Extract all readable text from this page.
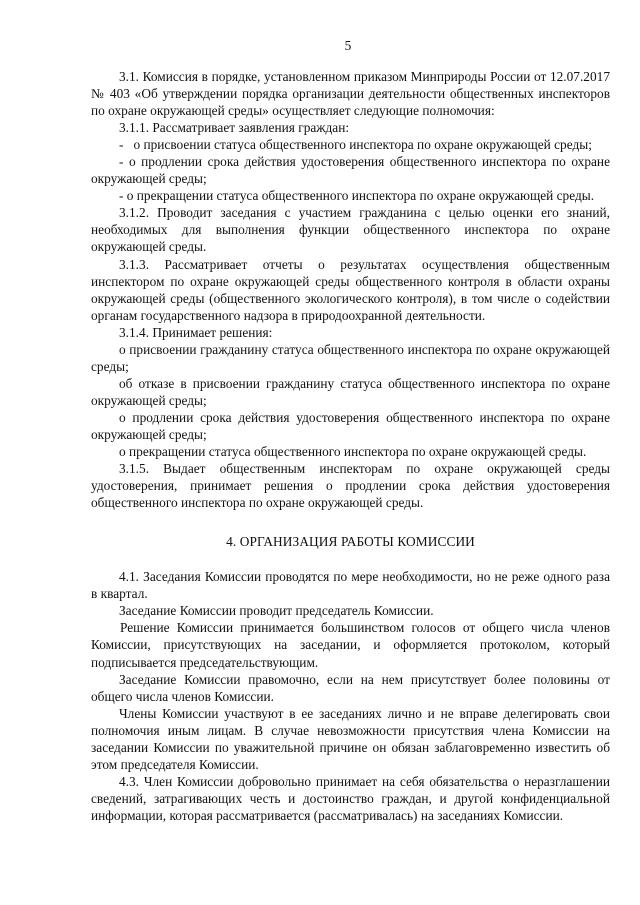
5

3.1. Комиссия в порядке, установленном приказом Минприроды России от 12.07.2017 № 403 «Об утверждении порядка организации деятельности общественных инспекторов по охране окружающей среды» осуществляет следующие полномочия:

3.1.1. Рассматривает заявления граждан:

-   о присвоении статуса общественного инспектора по охране окружающей среды;

- о продлении срока действия удостоверения общественного инспектора по охране окружающей среды;

- о прекращении статуса общественного инспектора по охране окружающей среды.

3.1.2. Проводит заседания с участием гражданина с целью оценки его знаний, необходимых для выполнения функции общественного инспектора по охране окружающей среды.

3.1.3. Рассматривает отчеты о результатах осуществления общественным инспектором по охране окружающей среды общественного контроля в области охраны окружающей среды (общественного экологического контроля), в том числе о содействии органам государственного надзора в природоохранной деятельности.

3.1.4. Принимает решения:

о присвоении гражданину статуса общественного инспектора по охране окружающей среды;

об отказе в присвоении гражданину статуса общественного инспектора по охране окружающей среды;

о продлении срока действия удостоверения общественного инспектора по охране окружающей среды;

о прекращении статуса общественного инспектора по охране окружающей среды.

3.1.5. Выдает общественным инспекторам по охране окружающей среды удостоверения, принимает решения о продлении срока действия удостоверения общественного инспектора по охране окружающей среды.

4. ОРГАНИЗАЦИЯ РАБОТЫ КОМИССИИ

4.1. Заседания Комиссии проводятся по мере необходимости, но не реже одного раза в квартал.

Заседание Комиссии проводит председатель Комиссии.

Решение Комиссии принимается большинством голосов от общего числа членов Комиссии, присутствующих на заседании, и оформляется протоколом, который подписывается председательствующим.

Заседание Комиссии правомочно, если на нем присутствует более половины от общего числа членов Комиссии.

Члены Комиссии участвуют в ее заседаниях лично и не вправе делегировать свои полномочия иным лицам. В случае невозможности присутствия члена Комиссии на заседании Комиссии по уважительной причине он обязан заблаговременно известить об этом председателя Комиссии.

4.3. Член Комиссии добровольно принимает на себя обязательства о неразглашении сведений, затрагивающих честь и достоинство граждан, и другой конфиденциальной информации, которая рассматривается (рассматривалась) на заседаниях Комиссии.
